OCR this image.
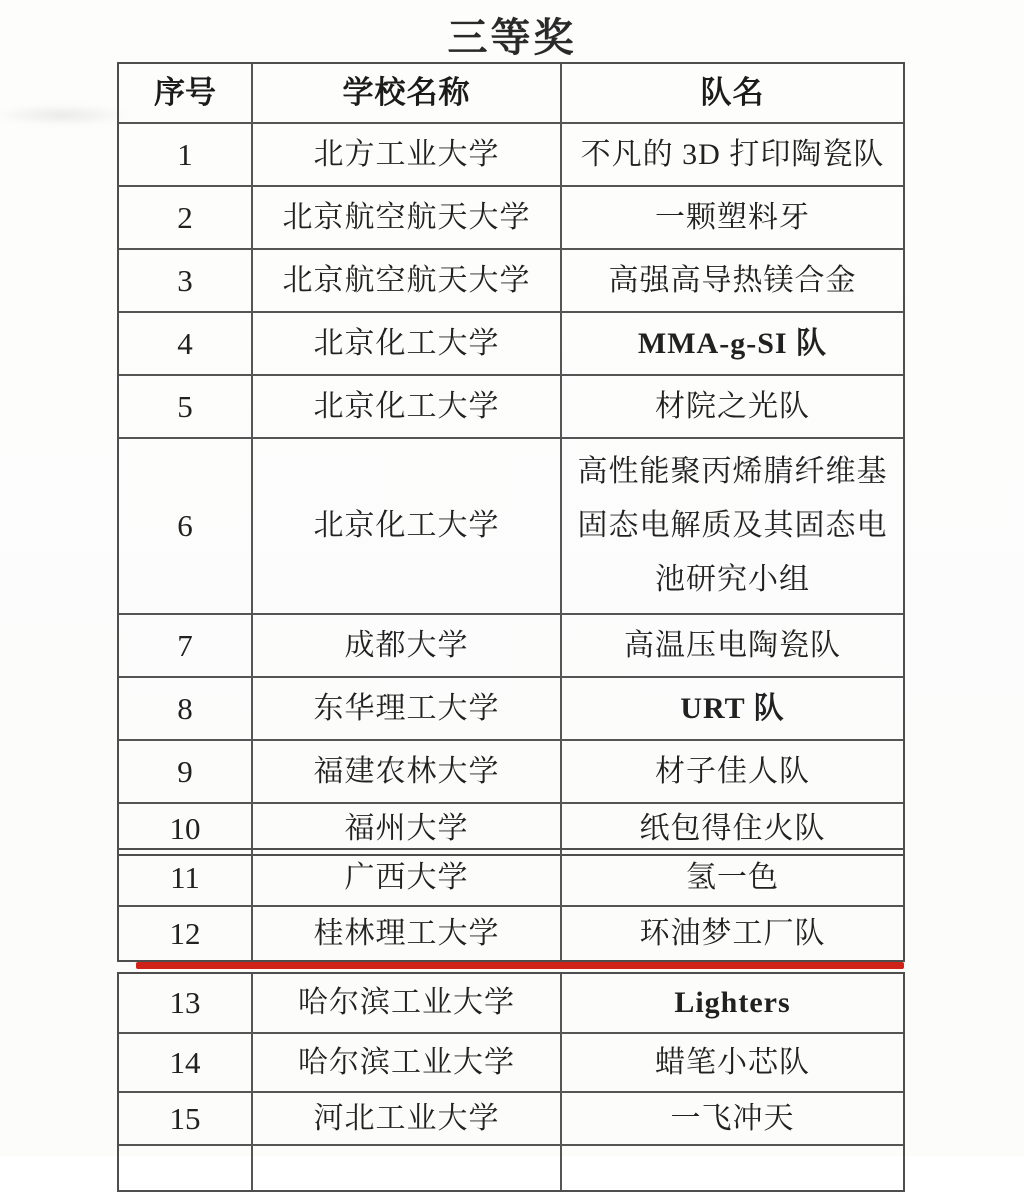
三等奖
序号	学校名称	队名
1	北方工业大学	不凡的 3D 打印陶瓷队
2	北京航空航天大学	一颗塑料牙
3	北京航空航天大学	高强高导热镁合金
4	北京化工大学	MMA-g-SI 队
5	北京化工大学	材院之光队
6	北京化工大学
高性能聚丙烯腈纤维基固态电解质及其固态电池研究小组
7	成都大学	高温压电陶瓷队
8	东华理工大学	URT 队
9	福建农林大学	材子佳人队
10	福州大学	纸包得住火队
11	广西大学	氢一色
12	桂林理工大学	环油梦工厂队
13	哈尔滨工业大学	Lighters
14	哈尔滨工业大学	蜡笔小芯队
15	河北工业大学	一飞冲天
